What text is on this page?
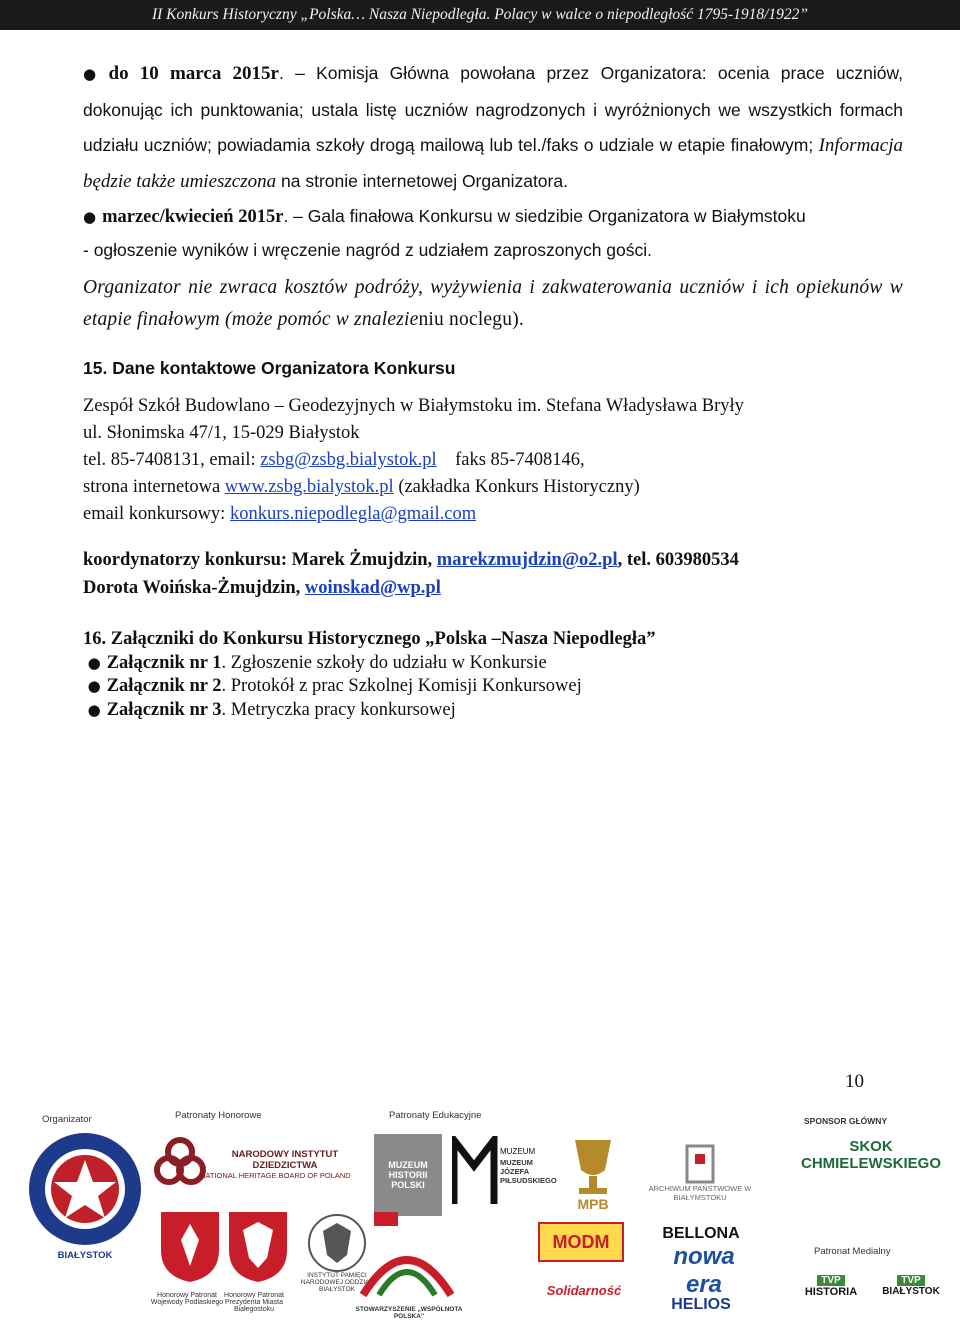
II Konkurs Historyczny „Polska… Nasza Niepodległa. Polacy w walce o niepodległość 1795-1918/1922”

● do 10 marca 2015r. – Komisja Główna powołana przez Organizatora: ocenia prace uczniów, dokonując ich punktowania; ustala listę uczniów nagrodzonych i wyróżnionych we wszystkich formach udziału uczniów; powiadamia szkoły drogą mailową lub tel./faks o udziale w etapie finałowym; Informacja będzie także umieszczona na stronie internetowej Organizatora.

● marzec/kwiecień 2015r. – Gala finałowa Konkursu w siedzibie Organizatora w Białymstoku

- ogłoszenie wyników i wręczenie nagród z udziałem zaproszonych gości.

Organizator nie zwraca kosztów podróży, wyżywienia i zakwaterowania uczniów i ich opiekunów w etapie finałowym (może pomóc w znalezieniu noclegu).

15. Dane kontaktowe Organizatora Konkursu

Zespół Szkół Budowlano – Geodezyjnych w Białymstoku im. Stefana Władysława Bryły

ul. Słonimska 47/1, 15-029 Białystok

tel. 85-7408131, email: zsbg@zsbg.bialystok.pl faks 85-7408146,

strona internetowa www.zsbg.bialystok.pl (zakładka Konkurs Historyczny)

email konkursowy: konkurs.niepodlegla@gmail.com

koordynatorzy konkursu: Marek Żmujdzin, marekzmujdzin@o2.pl, tel. 603980534

Dorota Woińska-Żmujdzin, woinskad@wp.pl

16. Załączniki do Konkursu Historycznego „Polska –Nasza Niepodległa”

● Załącznik nr 1. Zgłoszenie szkoły do udziału w Konkursie

● Załącznik nr 2. Protokół z prac Szkolnej Komisji Konkursowej

● Załącznik nr 3. Metryczka pracy konkursowej

10
Organizator	Patronaty Honorowe	Patronaty Edukacyjne
BIAŁYSTOK
NARODOWY INSTYTUT DZIEDZICTWA
NATIONAL HERITAGE BOARD OF POLAND
Honorowy Patronat Wojewody Podlaskiego
Honorowy Patronat Prezydenta Miasta Białegostoku
INSTYTUT PAMIĘCI NARODOWEJ ODDZIAŁ BIAŁYSTOK
MUZEUM HISTORII POLSKI
MUZEUM
MUZEUM JÓZEFA PIŁSUDSKIEGO
MPB
ARCHIWUM PAŃSTWOWE W BIAŁYMSTOKU
STOWARZYSZENIE „WSPÓLNOTA POLSKA”
MODM
Solidarność
BELLONA
nowa era
HELIOS
SPONSOR GŁÓWNY
SKOK CHMIELEWSKIEGO
Patronat Medialny
TVP
HISTORIA
TVP
BIAŁYSTOK
